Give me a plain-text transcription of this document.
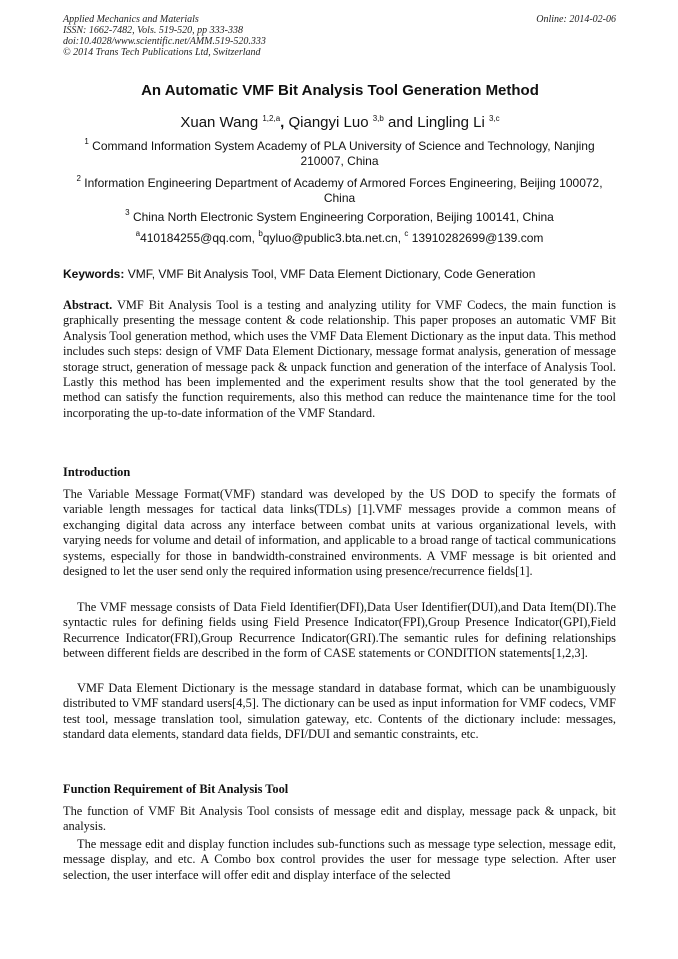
Applied Mechanics and Materials
ISSN: 1662-7482, Vols. 519-520, pp 333-338
doi:10.4028/www.scientific.net/AMM.519-520.333
© 2014 Trans Tech Publications Ltd, Switzerland
Online: 2014-02-06
An Automatic VMF Bit Analysis Tool Generation Method
Xuan Wang $^{1,2,a}$, Qiangyi Luo $^{3,b}$ and Lingling Li $^{3,c}$
$^1$ Command Information System Academy of PLA University of Science and Technology, Nanjing 210007, China
$^2$ Information Engineering Department of Academy of Armored Forces Engineering, Beijing 100072, China
$^3$ China North Electronic System Engineering Corporation, Beijing 100141, China
$^a$410184255@qq.com, $^b$qyluo@public3.bta.net.cn, $^c$ 13910282699@139.com
Keywords: VMF, VMF Bit Analysis Tool, VMF Data Element Dictionary, Code Generation
Abstract. VMF Bit Analysis Tool is a testing and analyzing utility for VMF Codecs, the main function is graphically presenting the message content & code relationship. This paper proposes an automatic VMF Bit Analysis Tool generation method, which uses the VMF Data Element Dictionary as the input data. This method includes such steps: design of VMF Data Element Dictionary, message format analysis, generation of message storage struct, generation of message pack & unpack function and generation of the interface of Analysis Tool. Lastly this method has been implemented and the experiment results show that the tool generated by the method can satisfy the function requirements, also this method can reduce the maintenance time for the tool incorporating the up-to-date information of the VMF Standard.
Introduction
The Variable Message Format(VMF) standard was developed by the US DOD to specify the formats of variable length messages for tactical data links(TDLs) [1].VMF messages provide a common means of exchanging digital data across any interface between combat units at various organizational levels, with varying needs for volume and detail of information, and applicable to a broad range of tactical communications systems, especially for those in bandwidth-constrained environments. A VMF message is bit oriented and designed to let the user send only the required information using presence/recurrence fields[1].
The VMF message consists of Data Field Identifier(DFI),Data User Identifier(DUI),and Data Item(DI).The syntactic rules for defining fields using Field Presence Indicator(FPI),Group Presence Indicator(GPI),Field Recurrence Indicator(FRI),Group Recurrence Indicator(GRI).The semantic rules for defining relationships between different fields are described in the form of CASE statements or CONDITION statements[1,2,3].
VMF Data Element Dictionary is the message standard in database format, which can be unambiguously distributed to VMF standard users[4,5]. The dictionary can be used as input information for VMF codecs, VMF test tool, message translation tool, simulation gateway, etc. Contents of the dictionary include: messages, standard data elements, standard data fields, DFI/DUI and semantic constraints, etc.
Function Requirement of Bit Analysis Tool
The function of VMF Bit Analysis Tool consists of message edit and display, message pack & unpack, bit analysis.
The message edit and display function includes sub-functions such as message type selection, message edit, message display, and etc. A Combo box control provides the user for message type selection. After user selection, the user interface will offer edit and display interface of the selected
